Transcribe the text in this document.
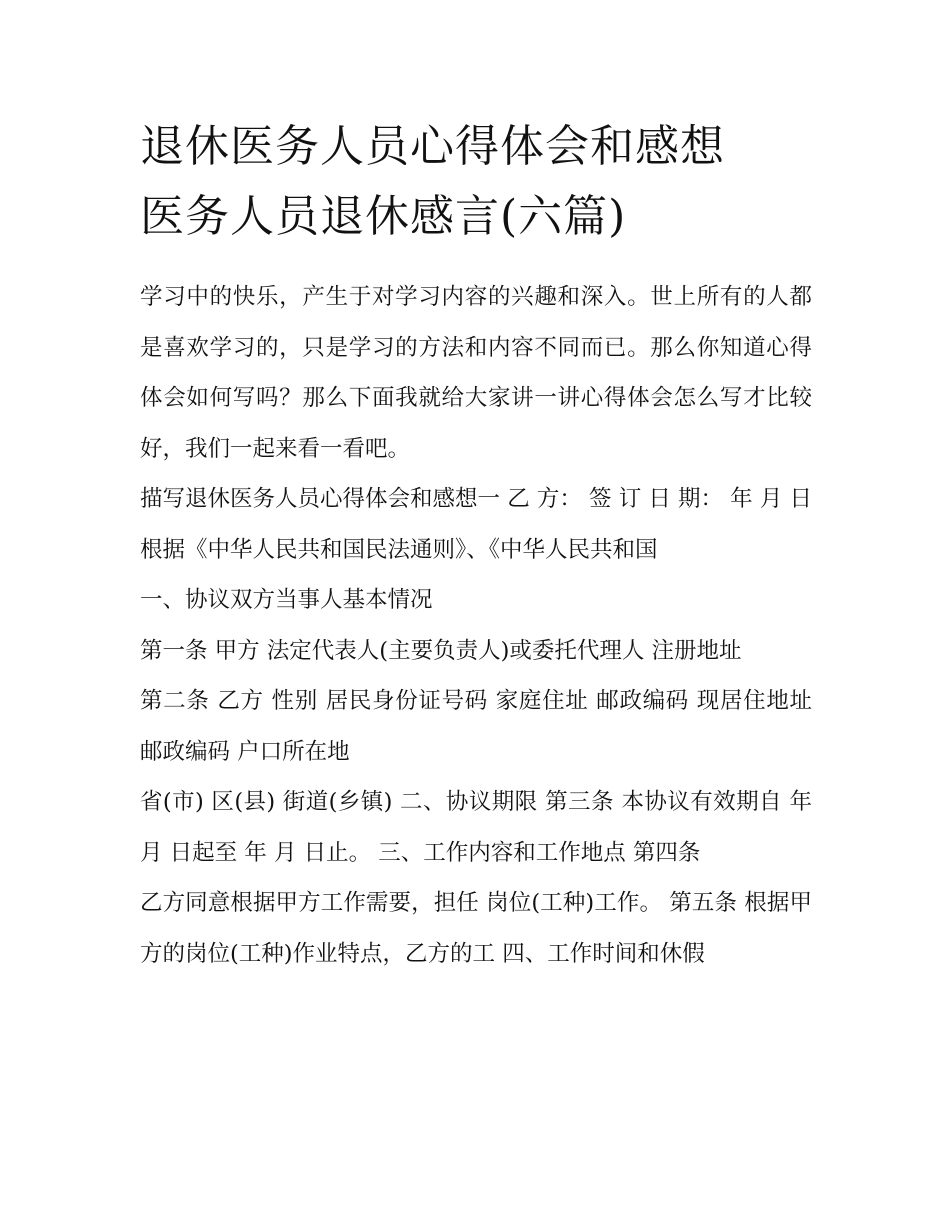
退休医务人员心得体会和感想
医务人员退休感言(六篇)

学习中的快乐，产生于对学习内容的兴趣和深入。世上所有的人都是喜欢学习的，只是学习的方法和内容不同而已。那么你知道心得体会如何写吗？那么下面我就给大家讲一讲心得体会怎么写才比较好，我们一起来看一看吧。

描写退休医务人员心得体会和感想一 乙 方： 签 订 日 期： 年 月 日 根据《中华人民共和国民法通则》、《中华人民共和国

一、协议双方当事人基本情况

第一条 甲方 法定代表人(主要负责人)或委托代理人 注册地址

第二条 乙方 性别 居民身份证号码 家庭住址 邮政编码 现居住地址 邮政编码 户口所在地

省(市) 区(县) 街道(乡镇) 二、协议期限 第三条 本协议有效期自 年 月 日起至 年 月 日止。 三、工作内容和工作地点 第四条

乙方同意根据甲方工作需要，担任 岗位(工种)工作。 第五条 根据甲方的岗位(工种)作业特点，乙方的工 四、工作时间和休假
